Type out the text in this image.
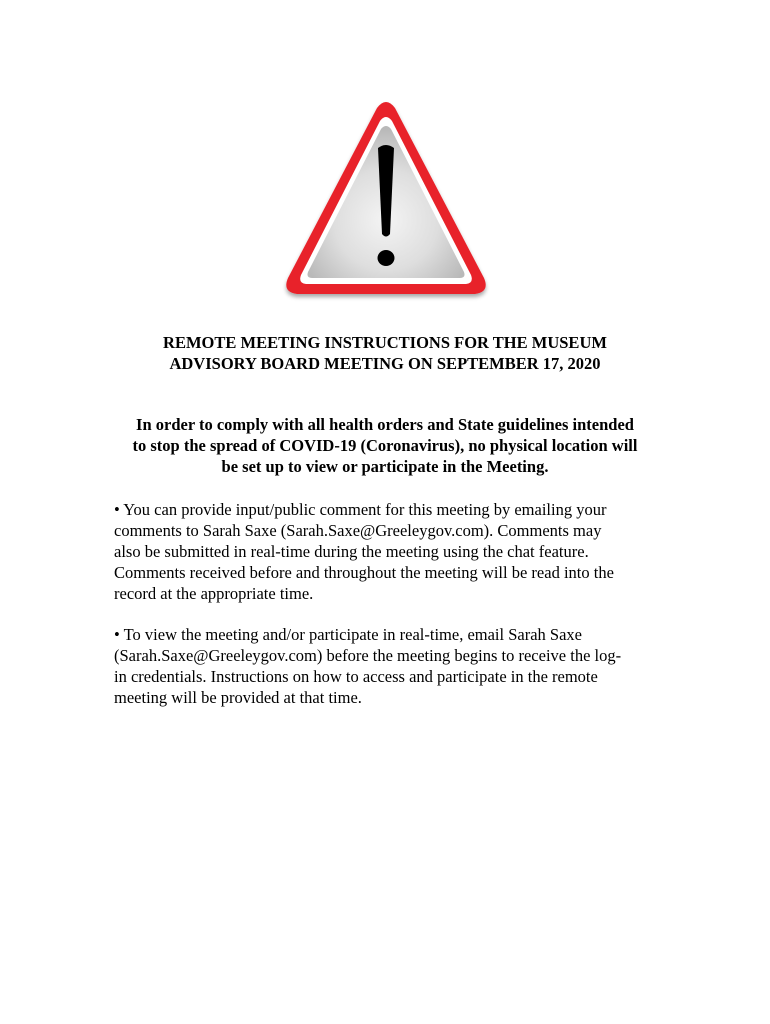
REMOTE MEETING INSTRUCTIONS FOR THE MUSEUM
ADVISORY BOARD MEETING ON SEPTEMBER 17, 2020

In order to comply with all health orders and State guidelines intended
to stop the spread of COVID-19 (Coronavirus), no physical location will
be set up to view or participate in the Meeting.

• You can provide input/public comment for this meeting by emailing your
comments to Sarah Saxe (Sarah.Saxe@Greeleygov.com). Comments may
also be submitted in real-time during the meeting using the chat feature.
Comments received before and throughout the meeting will be read into the
record at the appropriate time.

• To view the meeting and/or participate in real-time, email Sarah Saxe
(Sarah.Saxe@Greeleygov.com) before the meeting begins to receive the log-
in credentials. Instructions on how to access and participate in the remote
meeting will be provided at that time.
